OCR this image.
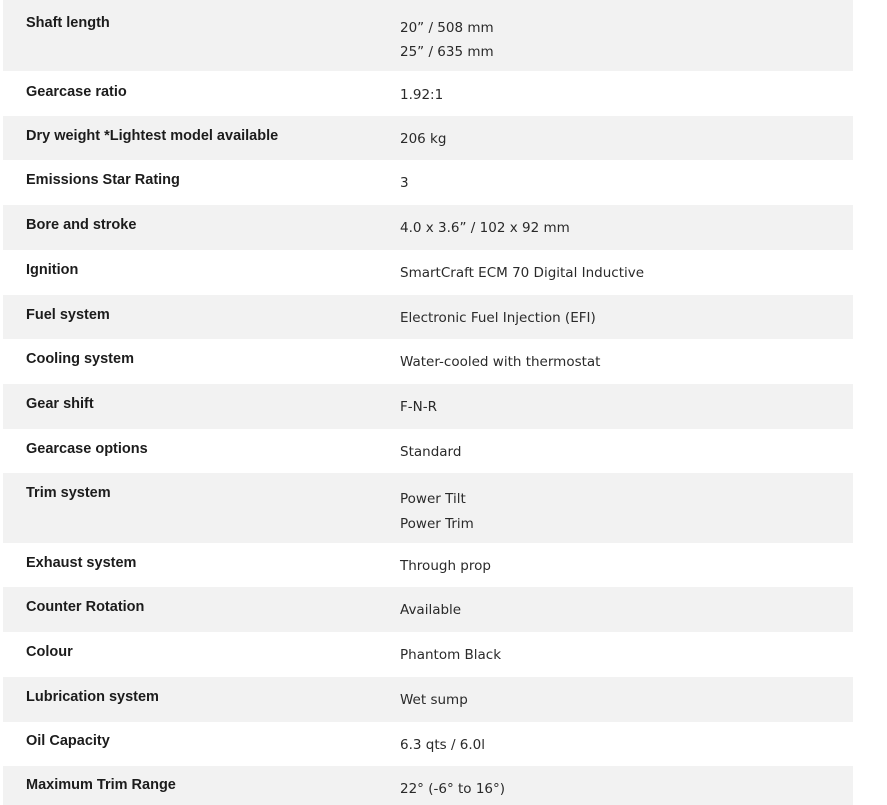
Shaft length	20” / 508 mm
25” / 635 mm
Gearcase ratio	1.92:1
Dry weight *Lightest model available	206 kg
Emissions Star Rating	3
Bore and stroke	4.0 x 3.6” / 102 x 92 mm
Ignition	SmartCraft ECM 70 Digital Inductive
Fuel system	Electronic Fuel Injection (EFI)
Cooling system	Water-cooled with thermostat
Gear shift	F-N-R
Gearcase options	Standard
Trim system	Power Tilt
Power Trim
Exhaust system	Through prop
Counter Rotation	Available
Colour	Phantom Black
Lubrication system	Wet sump
Oil Capacity	6.3 qts / 6.0l
Maximum Trim Range	22° (-6° to 16°)
